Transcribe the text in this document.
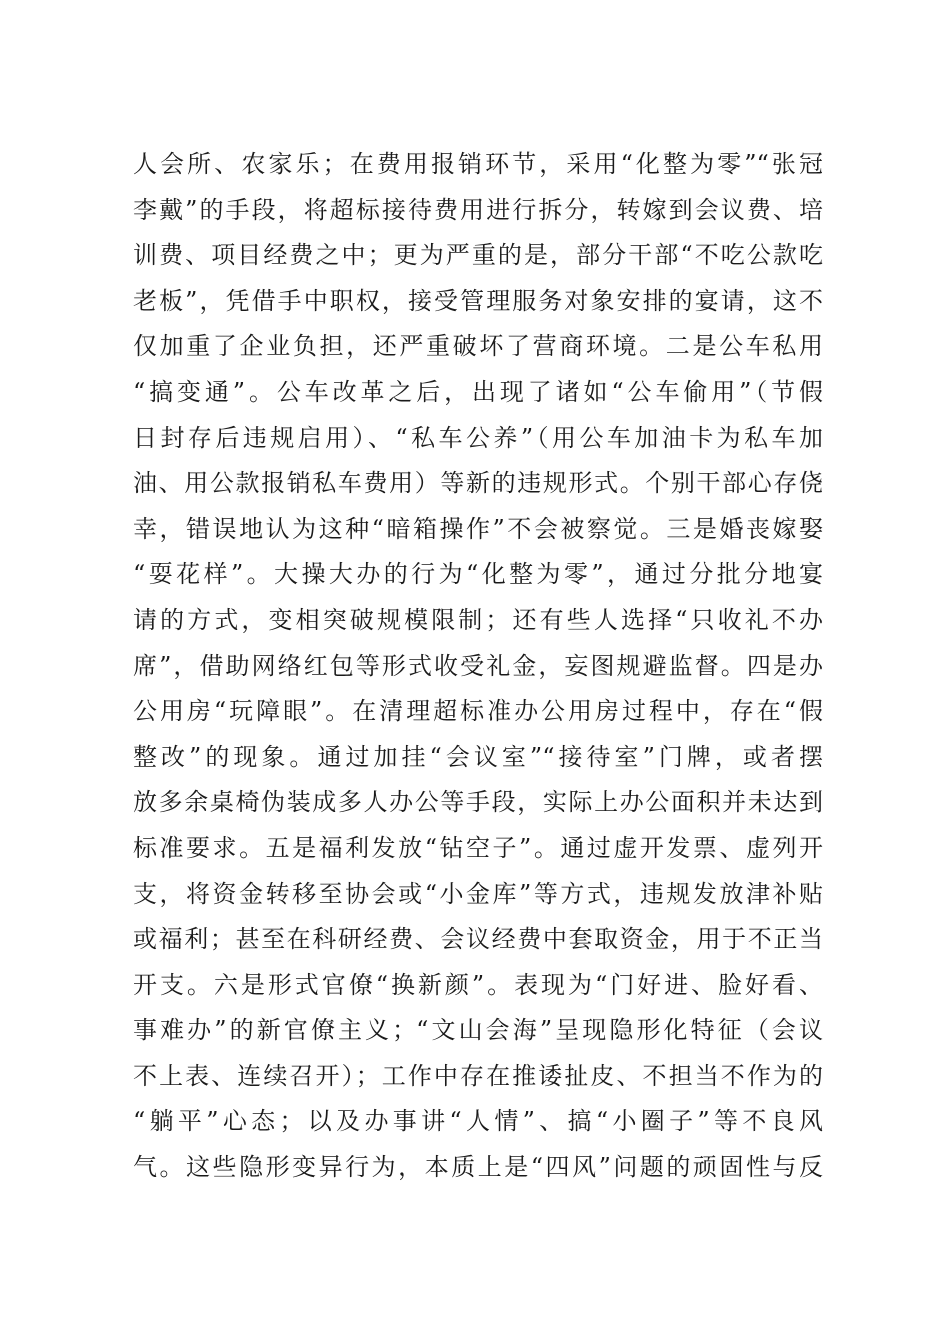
人会所、农家乐；在费用报销环节，采用“化整为零”“张冠
李戴”的手段，将超标接待费用进行拆分，转嫁到会议费、培
训费、项目经费之中；更为严重的是，部分干部“不吃公款吃
老板”，凭借手中职权，接受管理服务对象安排的宴请，这不
仅加重了企业负担，还严重破坏了营商环境。二是公车私用
“搞变通”。公车改革之后，出现了诸如“公车偷用”（节假
日封存后违规启用）、“私车公养”（用公车加油卡为私车加
油、用公款报销私车费用）等新的违规形式。个别干部心存侥
幸，错误地认为这种“暗箱操作”不会被察觉。三是婚丧嫁娶
“耍花样”。大操大办的行为“化整为零”，通过分批分地宴
请的方式，变相突破规模限制；还有些人选择“只收礼不办
席”，借助网络红包等形式收受礼金，妄图规避监督。四是办
公用房“玩障眼”。在清理超标准办公用房过程中，存在“假
整改”的现象。通过加挂“会议室”“接待室”门牌，或者摆
放多余桌椅伪装成多人办公等手段，实际上办公面积并未达到
标准要求。五是福利发放“钻空子”。通过虚开发票、虚列开
支，将资金转移至协会或“小金库”等方式，违规发放津补贴
或福利；甚至在科研经费、会议经费中套取资金，用于不正当
开支。六是形式官僚“换新颜”。表现为“门好进、脸好看、
事难办”的新官僚主义；“文山会海”呈现隐形化特征（会议
不上表、连续召开）；工作中存在推诿扯皮、不担当不作为的
“躺平”心态；以及办事讲“人情”、搞“小圈子”等不良风
气。这些隐形变异行为，本质上是“四风”问题的顽固性与反
